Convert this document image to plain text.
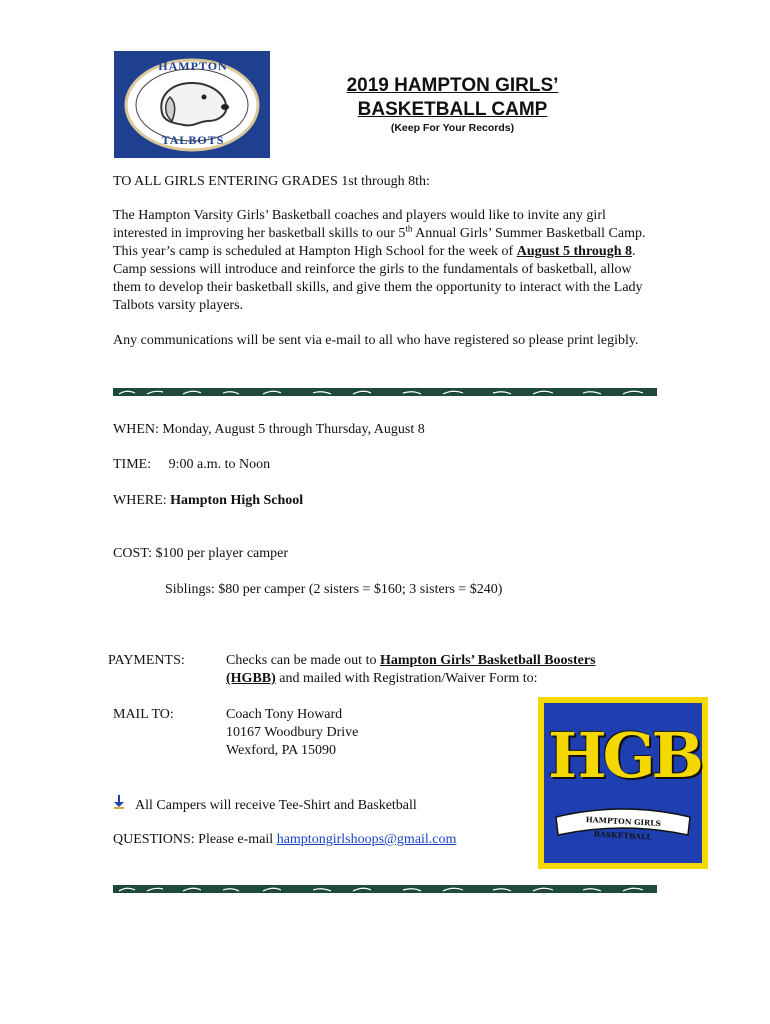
HAMPTON
TALBOTS
2019 HAMPTON GIRLS’
BASKETBALL CAMP
(Keep For Your Records)
TO ALL GIRLS ENTERING GRADES 1st through 8th:

The Hampton Varsity Girls’ Basketball coaches and players would like to invite any girl interested in improving her basketball skills to our 5th Annual Girls’ Summer Basketball Camp. This year’s camp is scheduled at Hampton High School for the week of August 5 through 8. Camp sessions will introduce and reinforce the girls to the fundamentals of basketball, allow them to develop their basketball skills, and give them the opportunity to interact with the Lady Talbots varsity players.

Any communications will be sent via e-mail to all who have registered so please print legibly.
WHEN: Monday, August 5 through Thursday, August 8
TIME: 9:00 a.m. to Noon
WHERE: Hampton High School
COST: $100 per player camper
Siblings: $80 per camper (2 sisters = $160; 3 sisters = $240)
PAYMENTS:	Checks can be made out to Hampton Girls’ Basketball Boosters
(HGBB) and mailed with Registration/Waiver Form to:
MAIL TO:	Coach Tony Howard
10167 Woodbury Drive
Wexford, PA 15090	HGB
HAMPTON GIRLS BASKETBALL
All Campers will receive Tee-Shirt and Basketball
QUESTIONS: Please e-mail hamptongirlshoops@gmail.com
